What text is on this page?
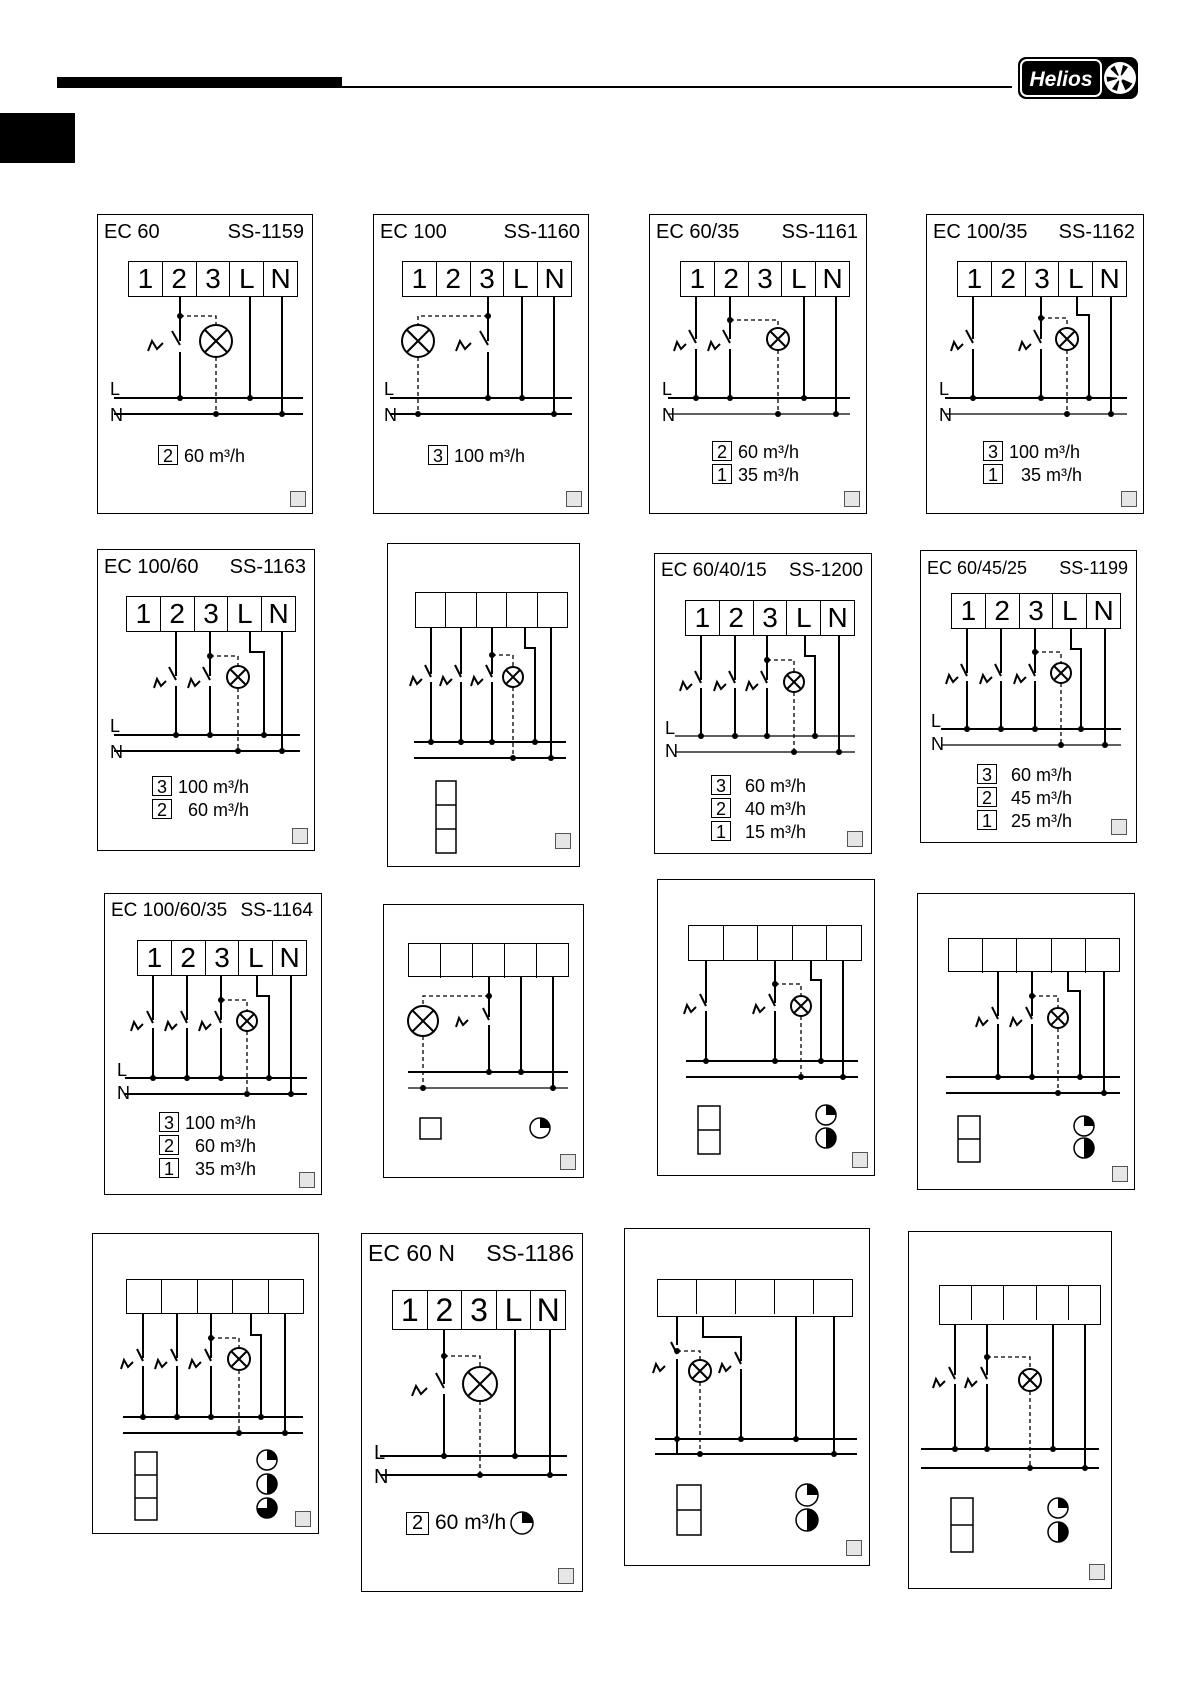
Helios
EC 60	SS-1159
1 2 3 L N
L
N
2 60 m³/h
EC 100	SS-1160
1 2 3 L N
L
N
3 100 m³/h
EC 60/35 SS-1161
1 2 3 L N
L
N
2 60 m³/h
1 35 m³/h
EC 100/35 SS-1162
1 2 3 L N
L
N
3 100 m³/h
1 35 m³/h
EC 100/60 SS-1163
1 2 3 L N
L
N
3 100 m³/h
2 60 m³/h
EC 60/40/15 SS-1200
1 2 3 L N
L
N
3 60 m³/h
2 40 m³/h
1 15 m³/h
EC 60/45/25 SS-1199
1 2 3 L N
L
N
3 60 m³/h
2 45 m³/h
1 25 m³/h
EC 100/60/35 SS-1164
1 2 3 L N
L
N
3 100 m³/h
2 60 m³/h
1 35 m³/h
EC 60 N SS-1186
1 2 3 L N
L
N
2 60 m³/h
